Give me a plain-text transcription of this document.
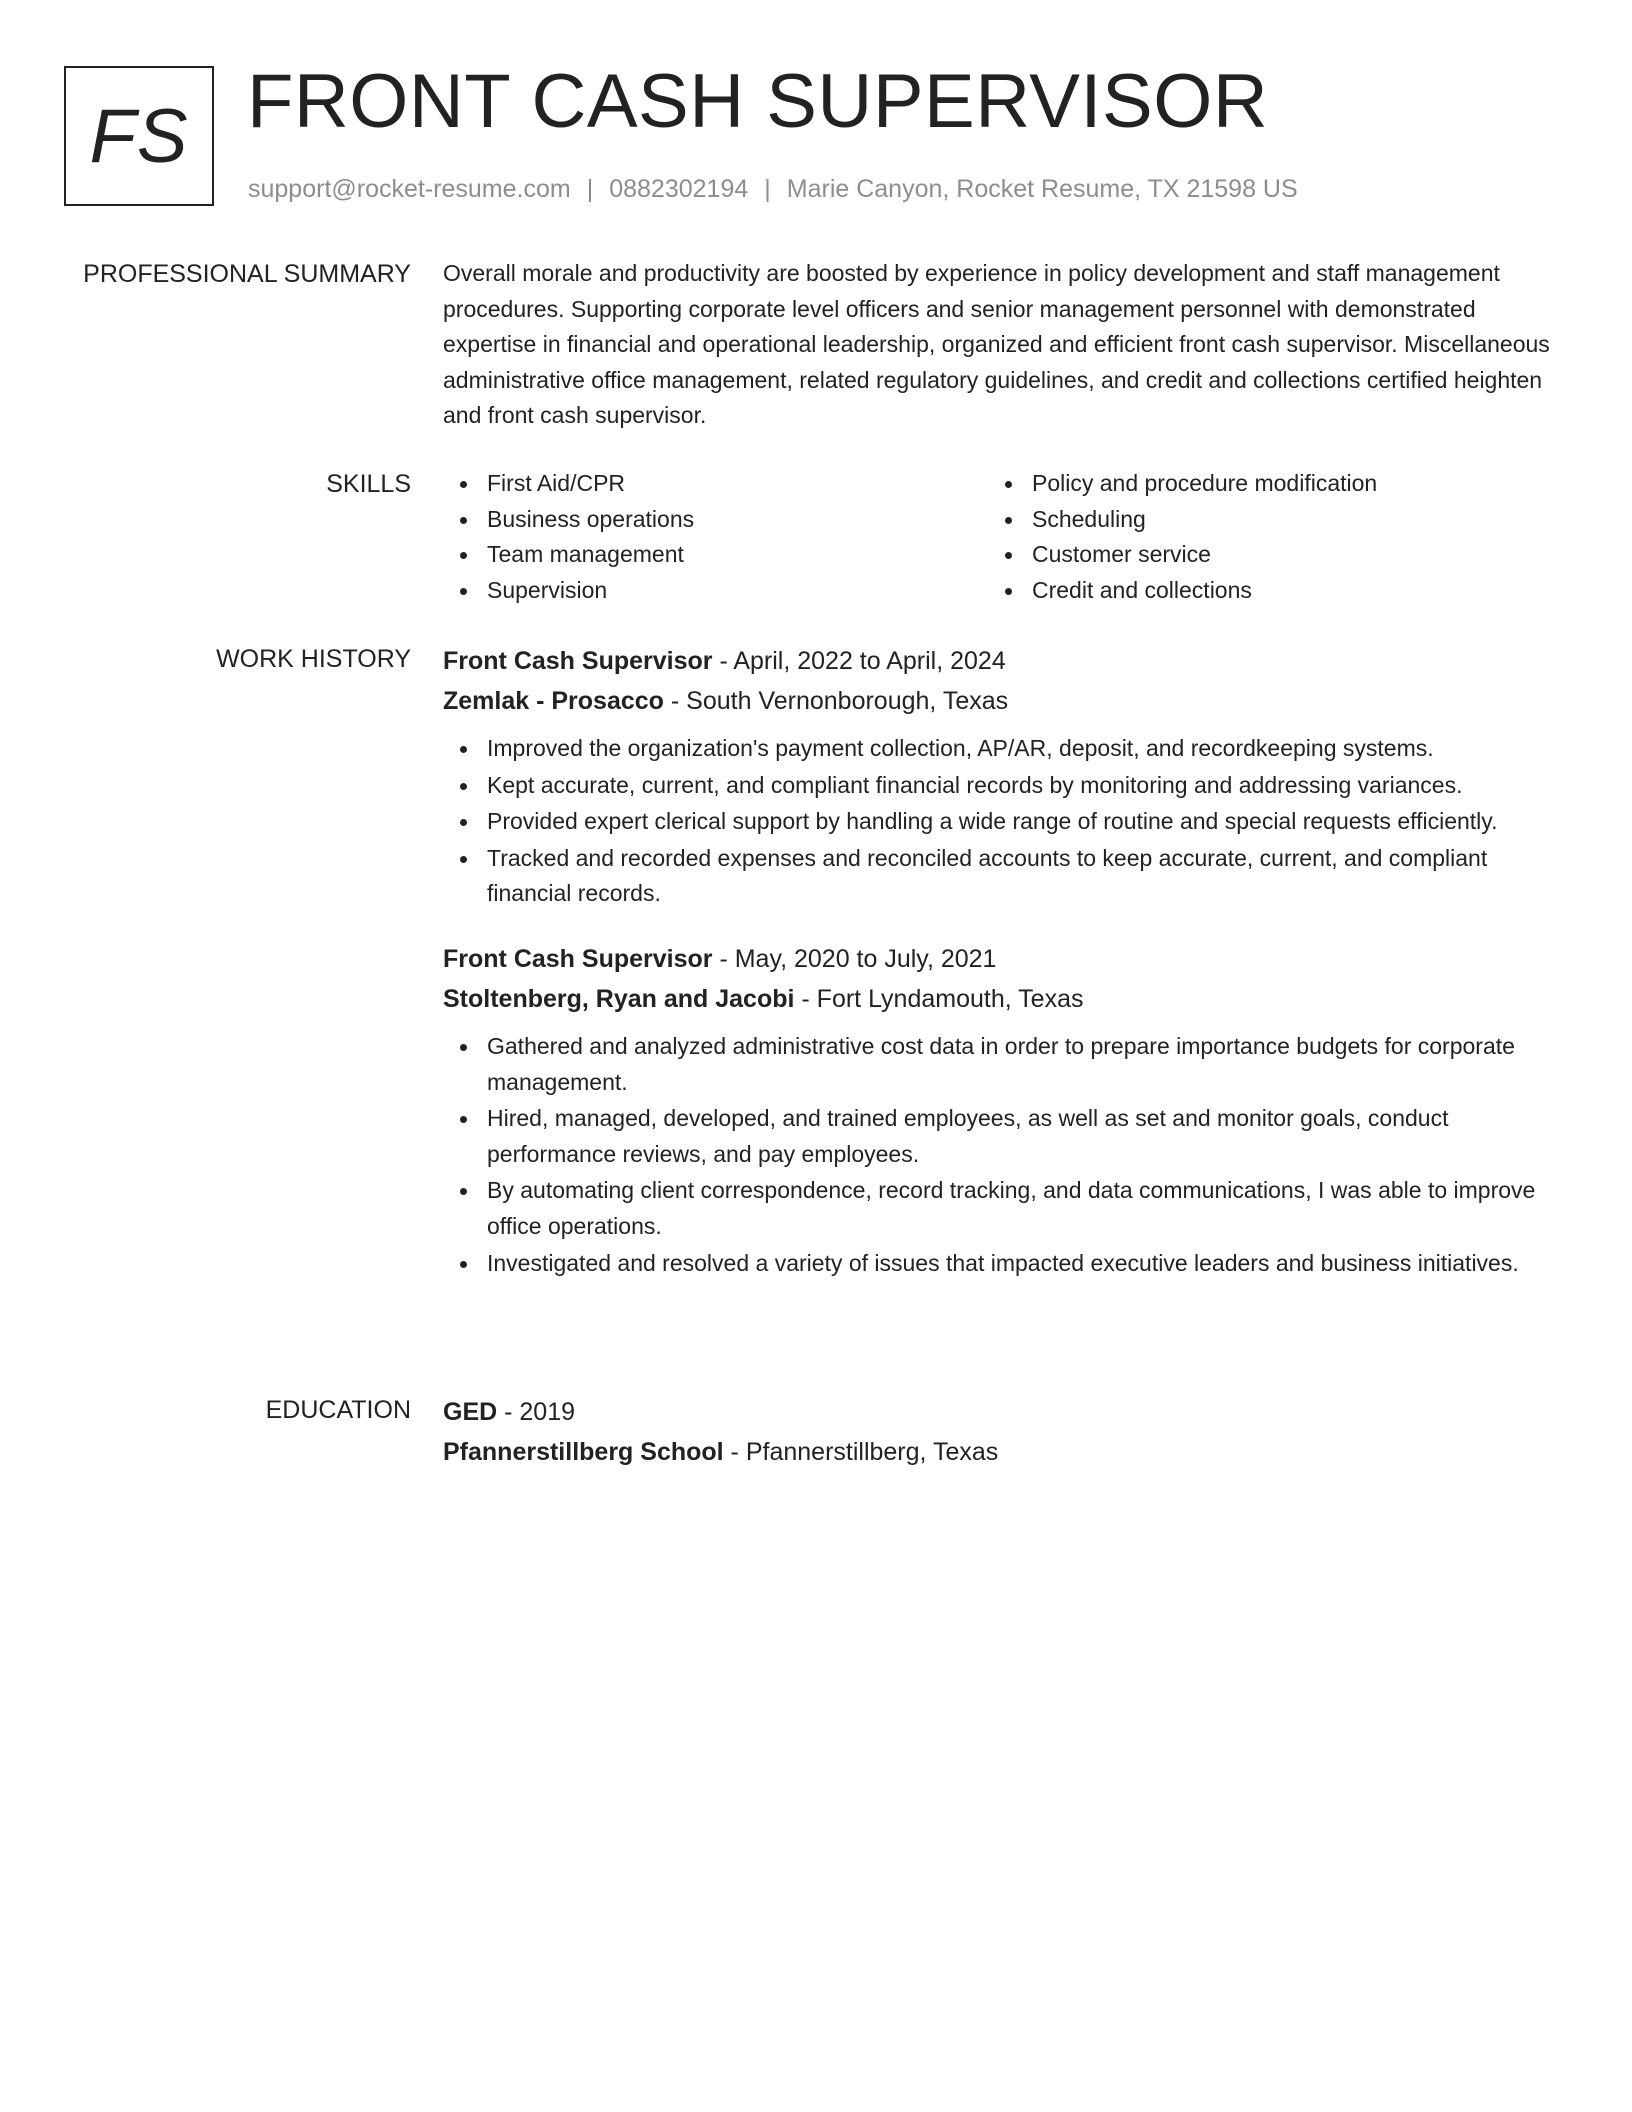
FS FRONT CASH SUPERVISOR
support@rocket-resume.com | 0882302194 | Marie Canyon, Rocket Resume, TX 21598 US
PROFESSIONAL SUMMARY Overall morale and productivity are boosted by experience in policy development and staff management procedures. Supporting corporate level officers and senior management personnel with demonstrated expertise in financial and operational leadership, organized and efficient front cash supervisor. Miscellaneous administrative office management, related regulatory guidelines, and credit and collections certified heighten and front cash supervisor.

SKILLS	First Aid/CPR
Business operations
Team management
Supervision
Policy and procedure modification
Scheduling
Customer service
Credit and collections
WORK HISTORY Front Cash Supervisor - April, 2022 to April, 2024
Zemlak - Prosacco - South Vernonborough, Texas
Improved the organization's payment collection, AP/AR, deposit, and recordkeeping systems.
Kept accurate, current, and compliant financial records by monitoring and addressing variances.
Provided expert clerical support by handling a wide range of routine and special requests efficiently.
Tracked and recorded expenses and reconciled accounts to keep accurate, current, and compliant financial records.
Front Cash Supervisor - May, 2020 to July, 2021
Stoltenberg, Ryan and Jacobi - Fort Lyndamouth, Texas
Gathered and analyzed administrative cost data in order to prepare importance budgets for corporate management.
Hired, managed, developed, and trained employees, as well as set and monitor goals, conduct performance reviews, and pay employees.
By automating client correspondence, record tracking, and data communications, I was able to improve office operations.
Investigated and resolved a variety of issues that impacted executive leaders and business initiatives.
EDUCATION GED - 2019
Pfannerstillberg School - Pfannerstillberg, Texas
